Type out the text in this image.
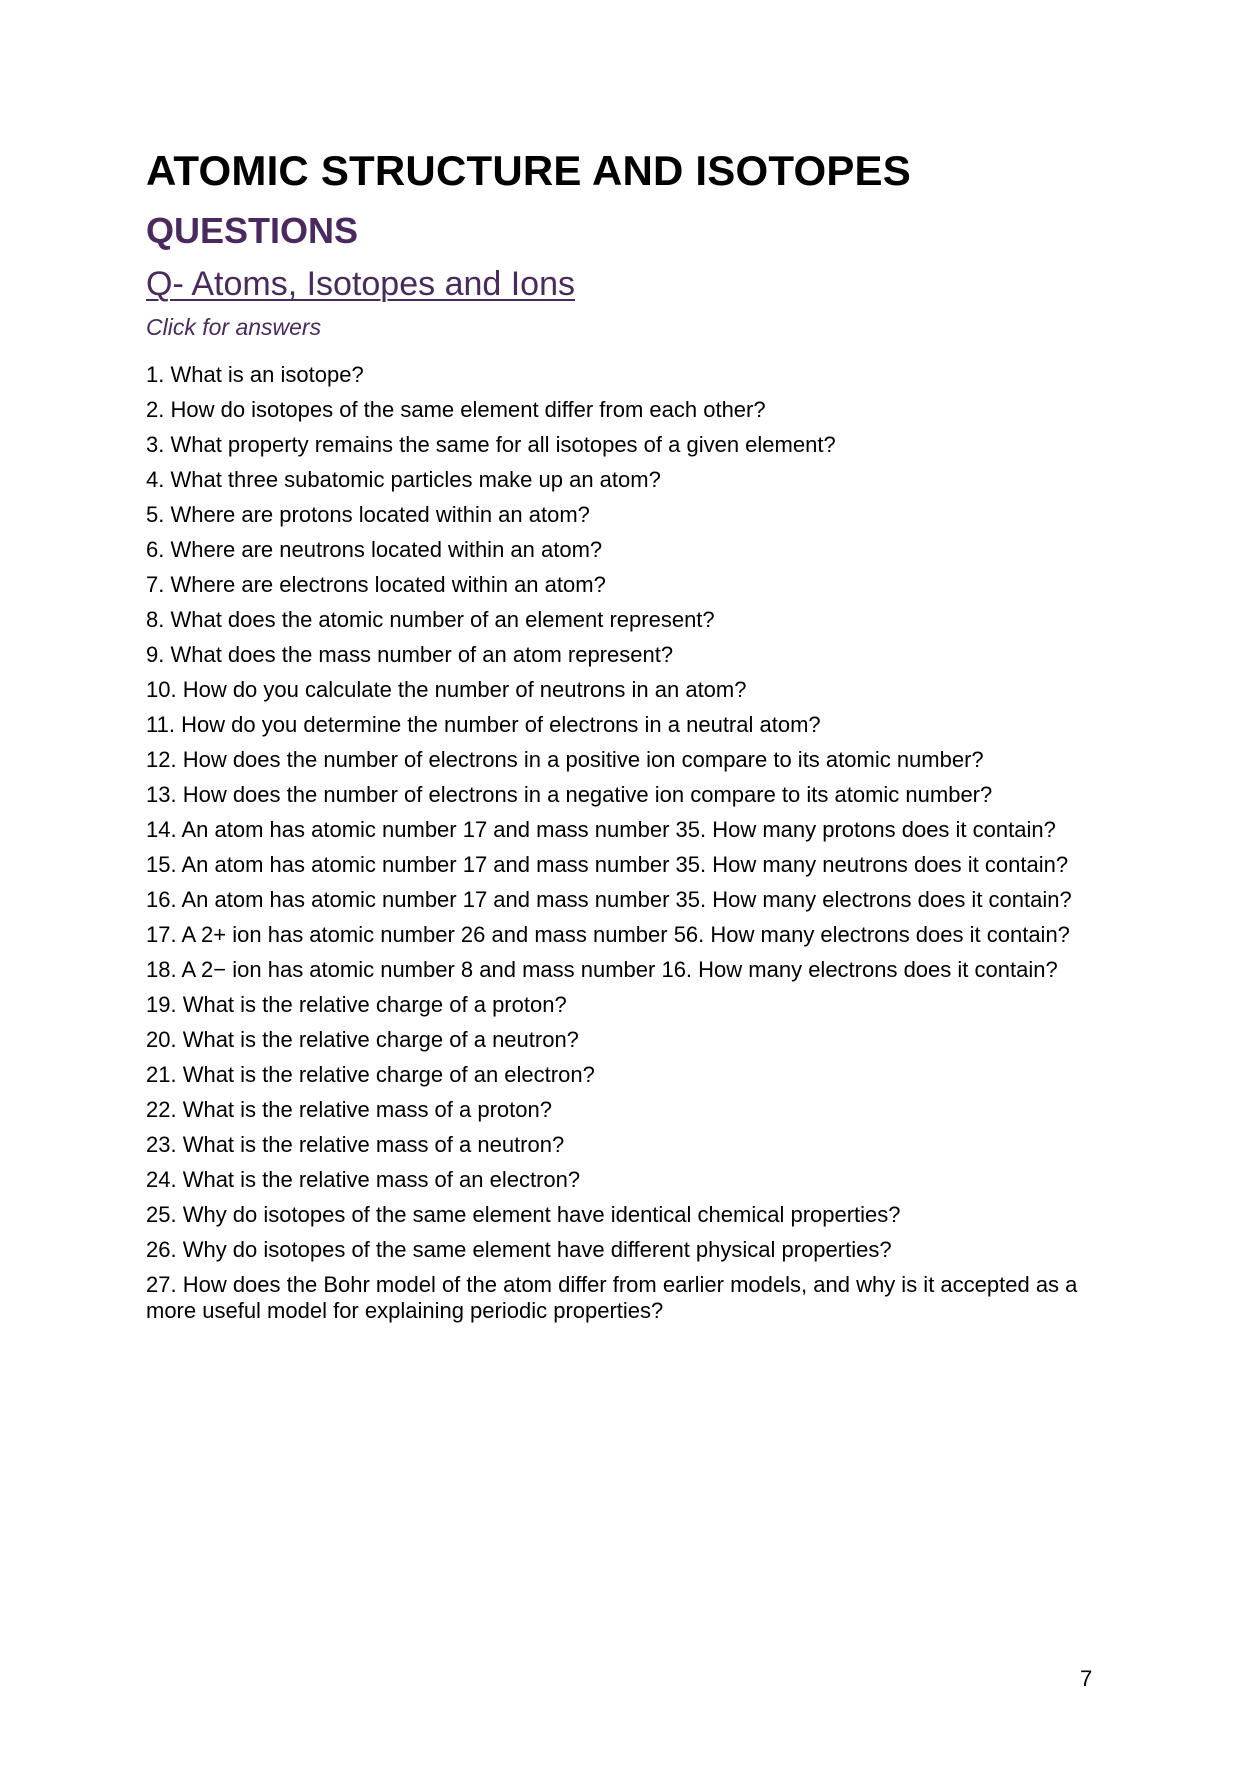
ATOMIC STRUCTURE AND ISOTOPES
QUESTIONS
Q- Atoms, Isotopes and Ions
Click for answers
1. What is an isotope?
2. How do isotopes of the same element differ from each other?
3. What property remains the same for all isotopes of a given element?
4. What three subatomic particles make up an atom?
5. Where are protons located within an atom?
6. Where are neutrons located within an atom?
7. Where are electrons located within an atom?
8. What does the atomic number of an element represent?
9. What does the mass number of an atom represent?
10. How do you calculate the number of neutrons in an atom?
11. How do you determine the number of electrons in a neutral atom?
12. How does the number of electrons in a positive ion compare to its atomic number?
13. How does the number of electrons in a negative ion compare to its atomic number?
14. An atom has atomic number 17 and mass number 35. How many protons does it contain?
15. An atom has atomic number 17 and mass number 35. How many neutrons does it contain?
16. An atom has atomic number 17 and mass number 35. How many electrons does it contain?
17. A 2+ ion has atomic number 26 and mass number 56. How many electrons does it contain?
18. A 2− ion has atomic number 8 and mass number 16. How many electrons does it contain?
19. What is the relative charge of a proton?
20. What is the relative charge of a neutron?
21. What is the relative charge of an electron?
22. What is the relative mass of a proton?
23. What is the relative mass of a neutron?
24. What is the relative mass of an electron?
25. Why do isotopes of the same element have identical chemical properties?
26. Why do isotopes of the same element have different physical properties?
27. How does the Bohr model of the atom differ from earlier models, and why is it accepted as a more useful model for explaining periodic properties?
7
